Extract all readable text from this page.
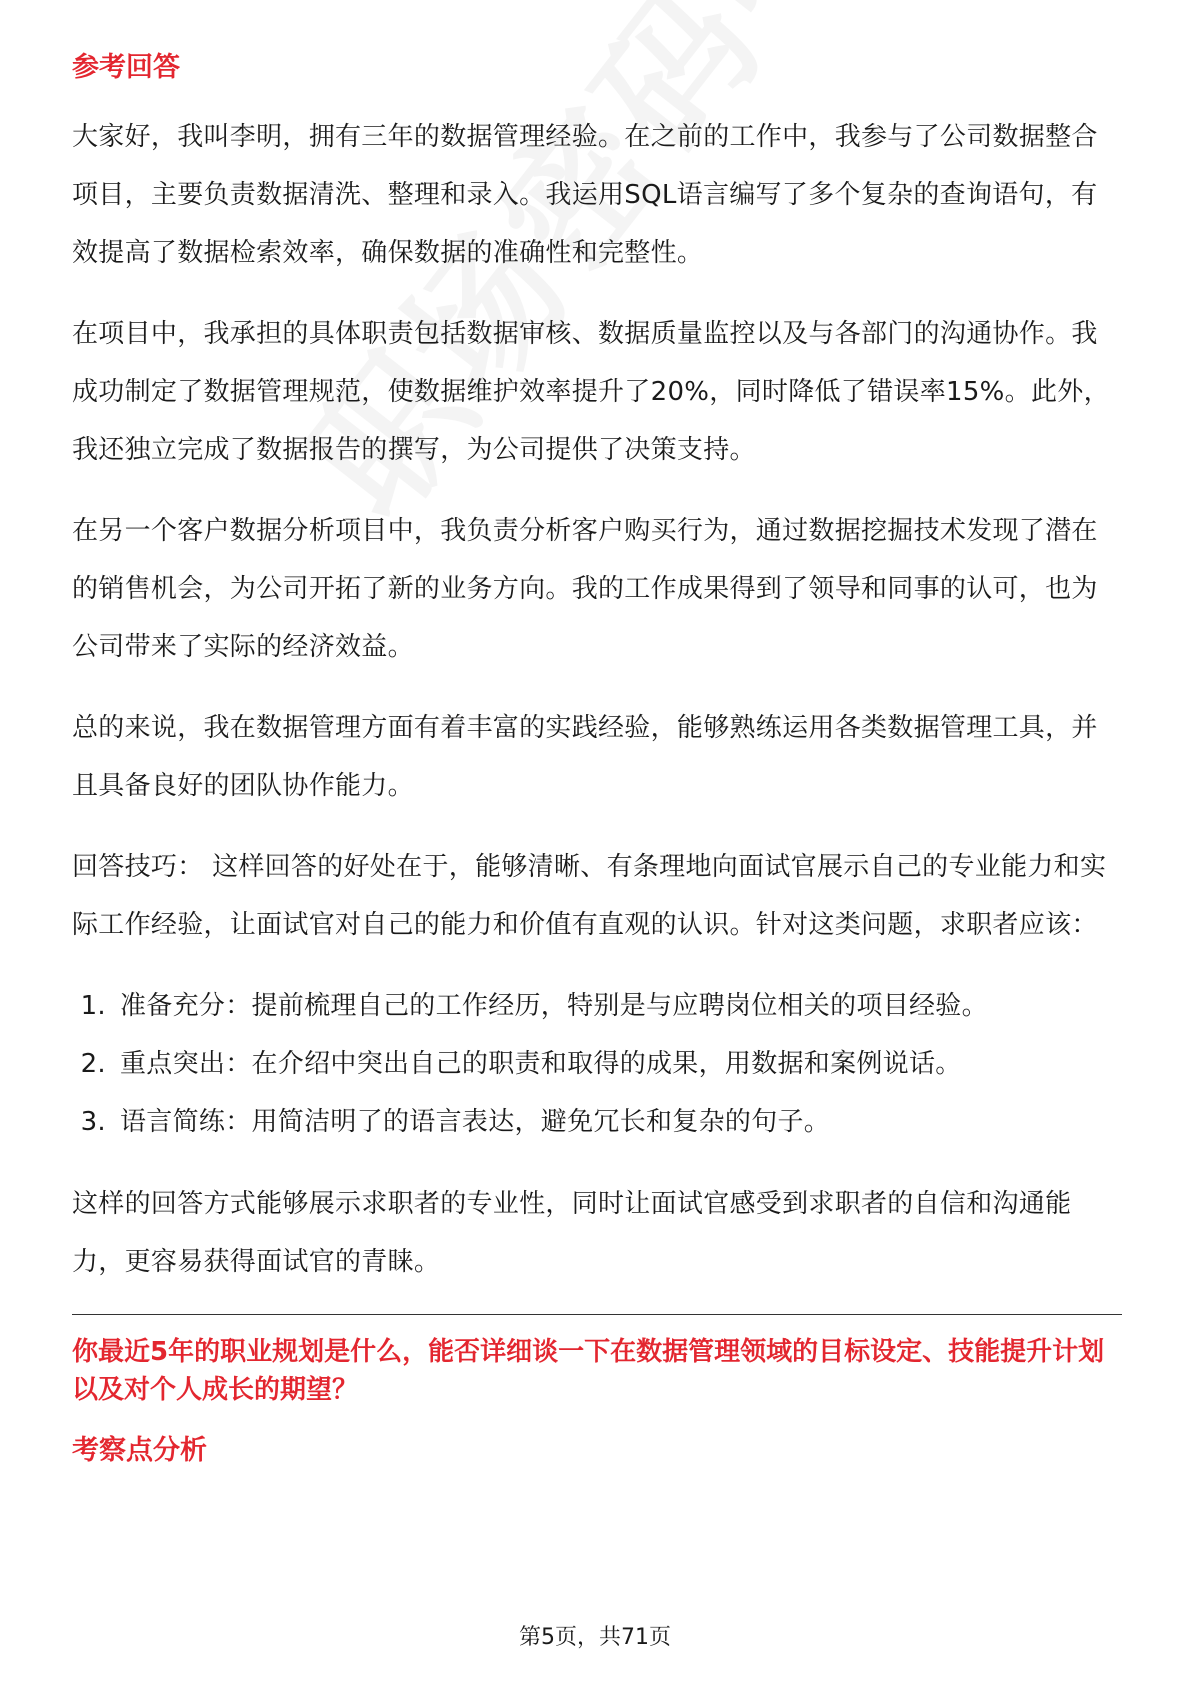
参考回答

大家好，我叫李明，拥有三年的数据管理经验。在之前的工作中，我参与了公司数据整合项目，主要负责数据清洗、整理和录入。我运用SQL语言编写了多个复杂的查询语句，有效提高了数据检索效率，确保数据的准确性和完整性。

在项目中，我承担的具体职责包括数据审核、数据质量监控以及与各部门的沟通协作。我成功制定了数据管理规范，使数据维护效率提升了20%，同时降低了错误率15%。此外，我还独立完成了数据报告的撰写，为公司提供了决策支持。

在另一个客户数据分析项目中，我负责分析客户购买行为，通过数据挖掘技术发现了潜在的销售机会，为公司开拓了新的业务方向。我的工作成果得到了领导和同事的认可，也为公司带来了实际的经济效益。

总的来说，我在数据管理方面有着丰富的实践经验，能够熟练运用各类数据管理工具，并且具备良好的团队协作能力。

回答技巧： 这样回答的好处在于，能够清晰、有条理地向面试官展示自己的专业能力和实际工作经验，让面试官对自己的能力和价值有直观的认识。针对这类问题，求职者应该：

1. 准备充分：提前梳理自己的工作经历，特别是与应聘岗位相关的项目经验。
2. 重点突出：在介绍中突出自己的职责和取得的成果，用数据和案例说话。
3. 语言简练：用简洁明了的语言表达，避免冗长和复杂的句子。

这样的回答方式能够展示求职者的专业性，同时让面试官感受到求职者的自信和沟通能力，更容易获得面试官的青睐。

你最近5年的职业规划是什么，能否详细谈一下在数据管理领域的目标设定、技能提升计划以及对个人成长的期望？
考察点分析
第5页，共71页
